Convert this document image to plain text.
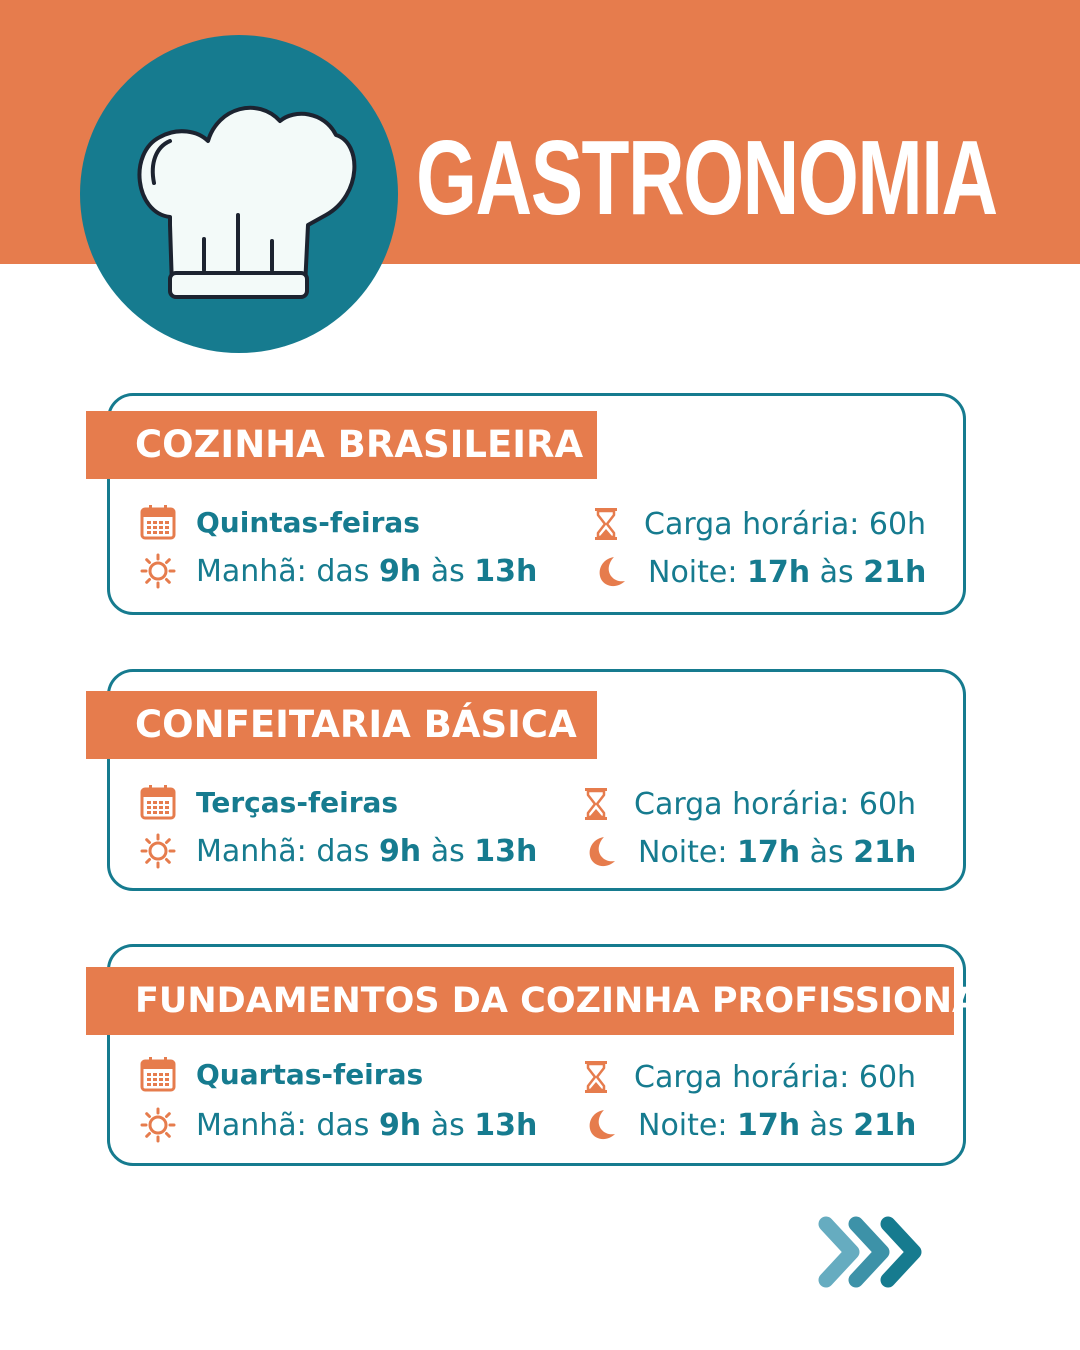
GASTRONOMIA
COZINHA BRASILEIRA
Quintas-feiras
Manhã: das 9h às 13h
Carga horária: 60h
Noite: 17h às 21h
CONFEITARIA BÁSICA
Terças-feiras
Manhã: das 9h às 13h
Carga horária: 60h
Noite: 17h às 21h
FUNDAMENTOS DA COZINHA PROFISSIONAL
Quartas-feiras
Manhã: das 9h às 13h
Carga horária: 60h
Noite: 17h às 21h
